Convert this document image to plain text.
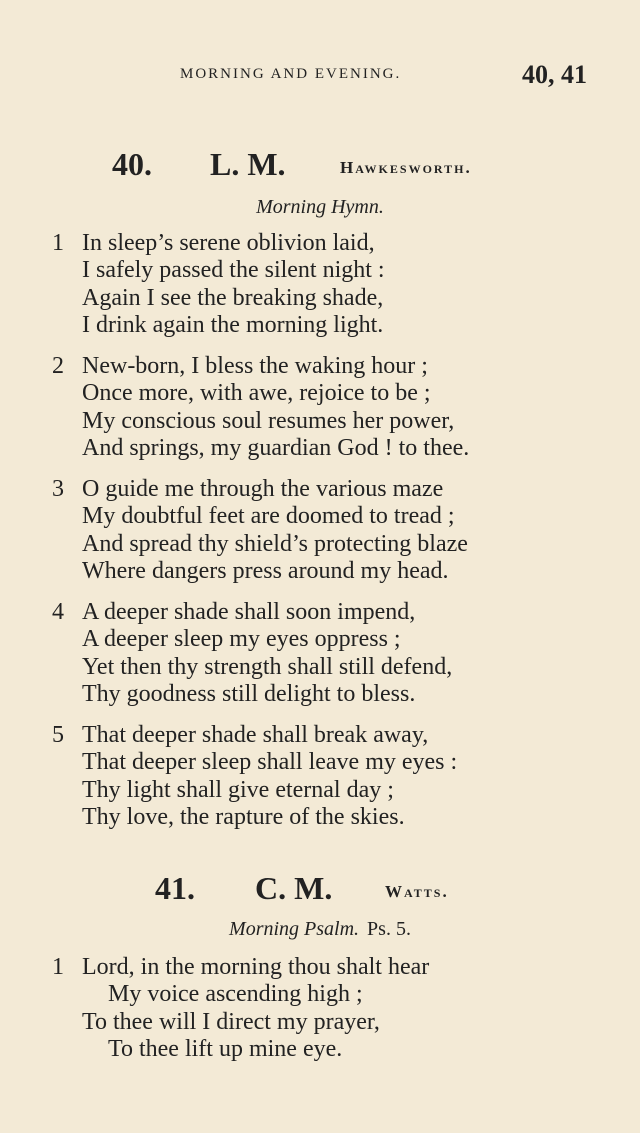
MORNING AND EVENING.	40, 41
40. L. M.	Hawkesworth.
Morning Hymn.
1 In sleep’s serene oblivion laid,
I safely passed the silent night :
Again I see the breaking shade,
I drink again the morning light.
2 New-born, I bless the waking hour ;
Once more, with awe, rejoice to be ;
My conscious soul resumes her power,
And springs, my guardian God ! to thee.
3 O guide me through the various maze
My doubtful feet are doomed to tread ;
And spread thy shield’s protecting blaze
Where dangers press around my head.
4 A deeper shade shall soon impend,
A deeper sleep my eyes oppress ;
Yet then thy strength shall still defend,
Thy goodness still delight to bless.
5 That deeper shade shall break away,
That deeper sleep shall leave my eyes :
Thy light shall give eternal day ;
Thy love, the rapture of the skies.
41. C. M.	Watts.
Morning Psalm. Ps. 5.
1 Lord, in the morning thou shalt hear
My voice ascending high ;
To thee will I direct my prayer,
To thee lift up mine eye.
